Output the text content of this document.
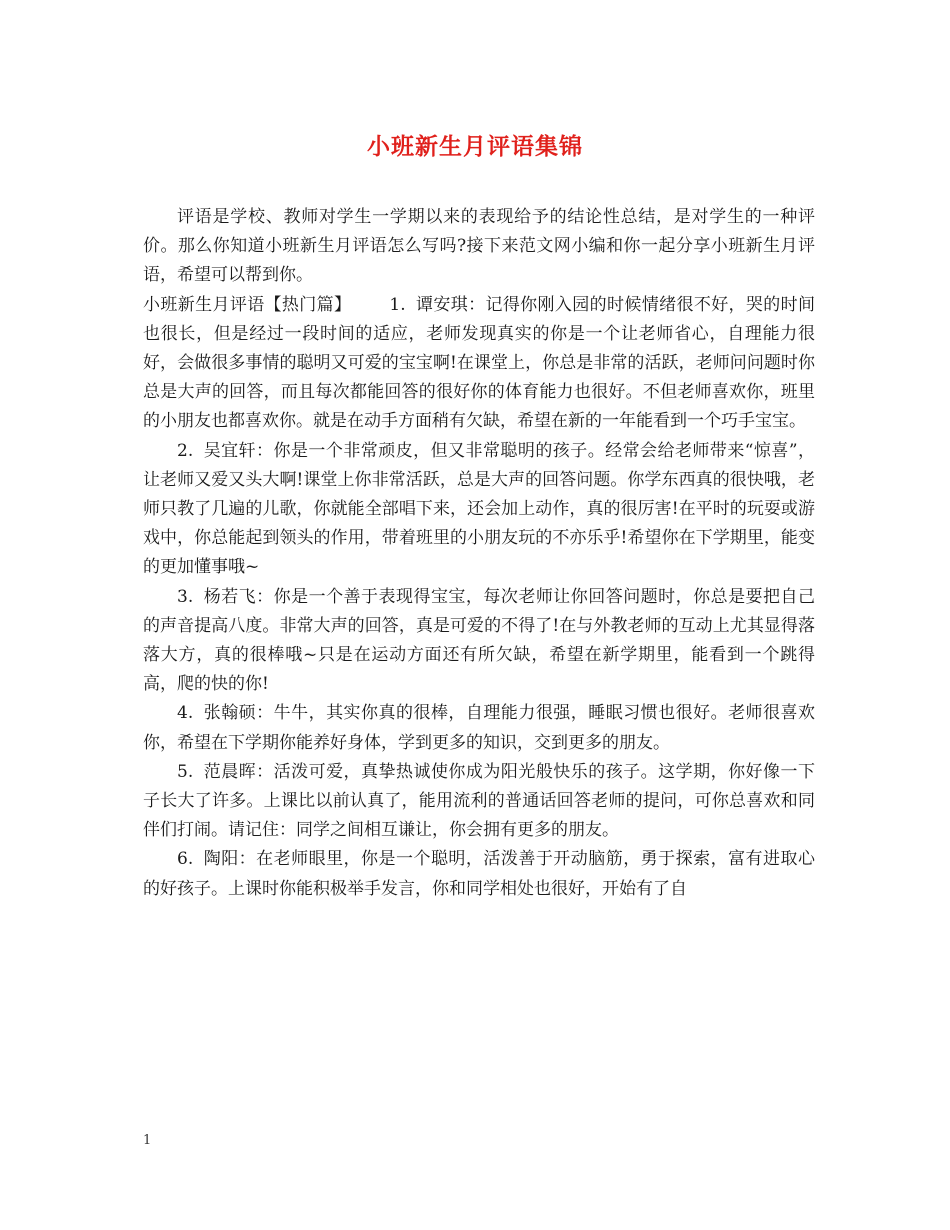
小班新生月评语集锦

评语是学校、教师对学生一学期以来的表现给予的结论性总结，是对学生的一种评价。那么你知道小班新生月评语怎么写吗?接下来范文网小编和你一起分享小班新生月评语，希望可以帮到你。

小班新生月评语【热门篇】 1. 谭安琪：记得你刚入园的时候情绪很不好，哭的时间也很长，但是经过一段时间的适应，老师发现真实的你是一个让老师省心，自理能力很好，会做很多事情的聪明又可爱的宝宝啊!在课堂上，你总是非常的活跃，老师问问题时你总是大声的回答，而且每次都能回答的很好你的体育能力也很好。不但老师喜欢你，班里的小朋友也都喜欢你。就是在动手方面稍有欠缺，希望在新的一年能看到一个巧手宝宝。

2. 吴宜轩：你是一个非常顽皮，但又非常聪明的孩子。经常会给老师带来“惊喜”，让老师又爱又头大啊!课堂上你非常活跃，总是大声的回答问题。你学东西真的很快哦，老师只教了几遍的儿歌，你就能全部唱下来，还会加上动作，真的很厉害!在平时的玩耍或游戏中，你总能起到领头的作用，带着班里的小朋友玩的不亦乐乎!希望你在下学期里，能变的更加懂事哦~

3. 杨若飞：你是一个善于表现得宝宝，每次老师让你回答问题时，你总是要把自己的声音提高八度。非常大声的回答，真是可爱的不得了!在与外教老师的互动上尤其显得落落大方，真的很棒哦~只是在运动方面还有所欠缺，希望在新学期里，能看到一个跳得高，爬的快的你!

4. 张翰硕：牛牛，其实你真的很棒，自理能力很强，睡眠习惯也很好。老师很喜欢你，希望在下学期你能养好身体，学到更多的知识，交到更多的朋友。

5. 范晨晖：活泼可爱，真挚热诚使你成为阳光般快乐的孩子。这学期，你好像一下子长大了许多。上课比以前认真了，能用流利的普通话回答老师的提问，可你总喜欢和同伴们打闹。请记住：同学之间相互谦让，你会拥有更多的朋友。

6. 陶阳：在老师眼里，你是一个聪明，活泼善于开动脑筋，勇于探索，富有进取心的好孩子。上课时你能积极举手发言，你和同学相处也很好，开始有了自

1
